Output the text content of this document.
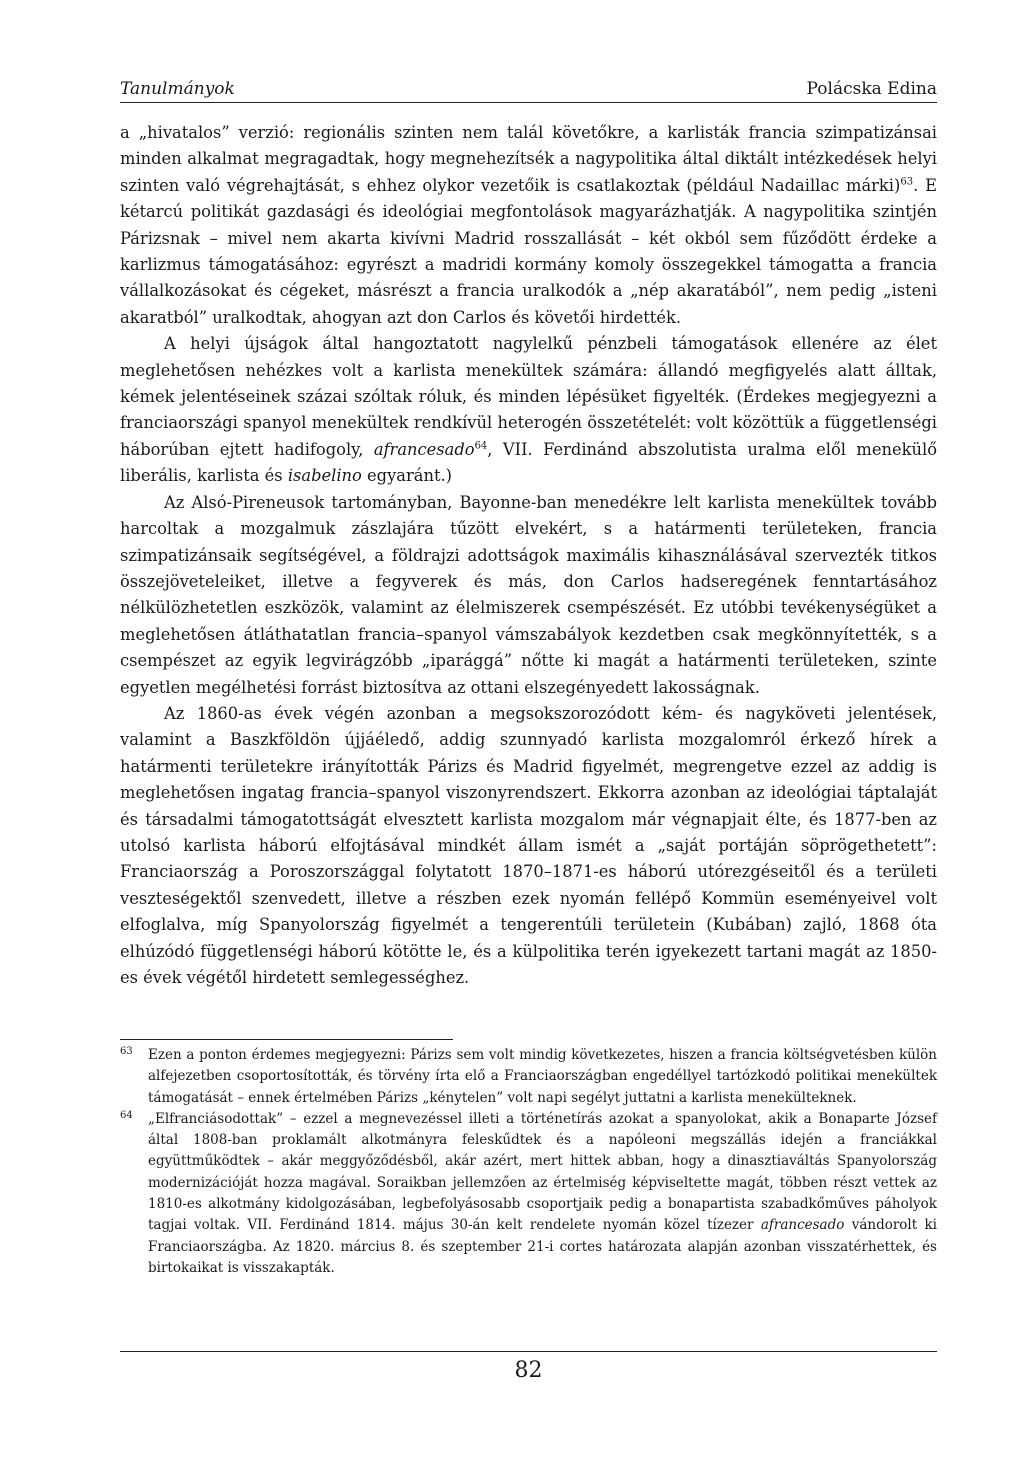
Tanulmányok	Polácska Edina

a „hivatalos” verzió: regionális szinten nem talál követőkre, a karlisták francia szimpatizánsai minden alkalmat megragadtak, hogy megnehezítsék a nagypolitika által diktált intézkedések helyi szinten való végrehajtását, s ehhez olykor vezetőik is csatlakoztak (például Nadaillac márki)$^{63}$. E kétarcú politikát gazdasági és ideológiai megfontolások magyarázhatják. A nagypolitika szintjén Párizsnak – mivel nem akarta kivívni Madrid rosszallását – két okból sem fűződött érdeke a karlizmus támogatásához: egyrészt a madridi kormány komoly összegekkel támogatta a francia vállalkozásokat és cégeket, másrészt a francia uralkodók a „nép akaratából”, nem pedig „isteni akaratból” uralkodtak, ahogyan azt don Carlos és követői hirdették.

A helyi újságok által hangoztatott nagylelkű pénzbeli támogatások ellenére az élet meglehetősen nehézkes volt a karlista menekültek számára: állandó megfigyelés alatt álltak, kémek jelentéseinek százai szóltak róluk, és minden lépésüket figyelték. (Érdekes megjegyezni a franciaországi spanyol menekültek rendkívül heterogén összetételét: volt közöttük a függetlenségi háborúban ejtett hadifogoly, afrancesado$^{64}$, VII. Ferdinánd abszolutista uralma elől menekülő liberális, karlista és isabelino egyaránt.)

Az Alsó-Pireneusok tartományban, Bayonne-ban menedékre lelt karlista menekültek tovább harcoltak a mozgalmuk zászlajára tűzött elvekért, s a határmenti területeken, francia szimpatizánsaik segítségével, a földrajzi adottságok maximális kihasználásával szervezték titkos összejöveteleiket, illetve a fegyverek és más, don Carlos hadseregének fenntartásához nélkülözhetetlen eszközök, valamint az élelmiszerek csempészését. Ez utóbbi tevékenységüket a meglehetősen átláthatatlan francia–spanyol vámszabályok kezdetben csak megkönnyítették, s a csempészet az egyik legvirágzóbb „iparággá” nőtte ki magát a határmenti területeken, szinte egyetlen megélhetési forrást biztosítva az ottani elszegényedett lakosságnak.

Az 1860-as évek végén azonban a megsokszorozódott kém- és nagyköveti jelentések, valamint a Baszkföldön újjáéledő, addig szunnyadó karlista mozgalomról érkező hírek a határmenti területekre irányították Párizs és Madrid figyelmét, megrengetve ezzel az addig is meglehetősen ingatag francia–spanyol viszonyrendszert. Ekkorra azonban az ideológiai táptalaját és társadalmi támogatottságát elvesztett karlista mozgalom már végnapjait élte, és 1877-ben az utolsó karlista háború elfojtásával mindkét állam ismét a „saját portáján söprögethetett”: Franciaország a Poroszországgal folytatott 1870–1871-es háború utórezgéseitől és a területi veszteségektől szenvedett, illetve a részben ezek nyomán fellépő Kommün eseményeivel volt elfoglalva, míg Spanyolország figyelmét a tengerentúli területein (Kubában) zajló, 1868 óta elhúzódó függetlenségi háború kötötte le, és a külpolitika terén igyekezett tartani magát az 1850-es évek végétől hirdetett semlegességhez.

63 Ezen a ponton érdemes megjegyezni: Párizs sem volt mindig következetes, hiszen a francia költségvetésben külön alfejezetben csoportosították, és törvény írta elő a Franciaországban engedéllyel tartózkodó politikai menekültek támogatását – ennek értelmében Párizs „kénytelen” volt napi segélyt juttatni a karlista menekülteknek.

64 „Elfranciásodottak” – ezzel a megnevezéssel illeti a történetírás azokat a spanyolokat, akik a Bonaparte József által 1808-ban proklamált alkotmányra feleskűdtek és a napóleoni megszállás idején a franciákkal együttműködtek – akár meggyőződésből, akár azért, mert hittek abban, hogy a dinasztiaváltás Spanyolország modernizációját hozza magával. Soraikban jellemzően az értelmiség képviseltette magát, többen részt vettek az 1810-es alkotmány kidolgozásában, legbefolyásosabb csoportjaik pedig a bonapartista szabadkőműves páholyok tagjai voltak. VII. Ferdinánd 1814. május 30-án kelt rendelete nyomán közel tízezer afrancesado vándorolt ki Franciaországba. Az 1820. március 8. és szeptember 21-i cortes határozata alapján azonban visszatérhettek, és birtokaikat is visszakapták.

82
